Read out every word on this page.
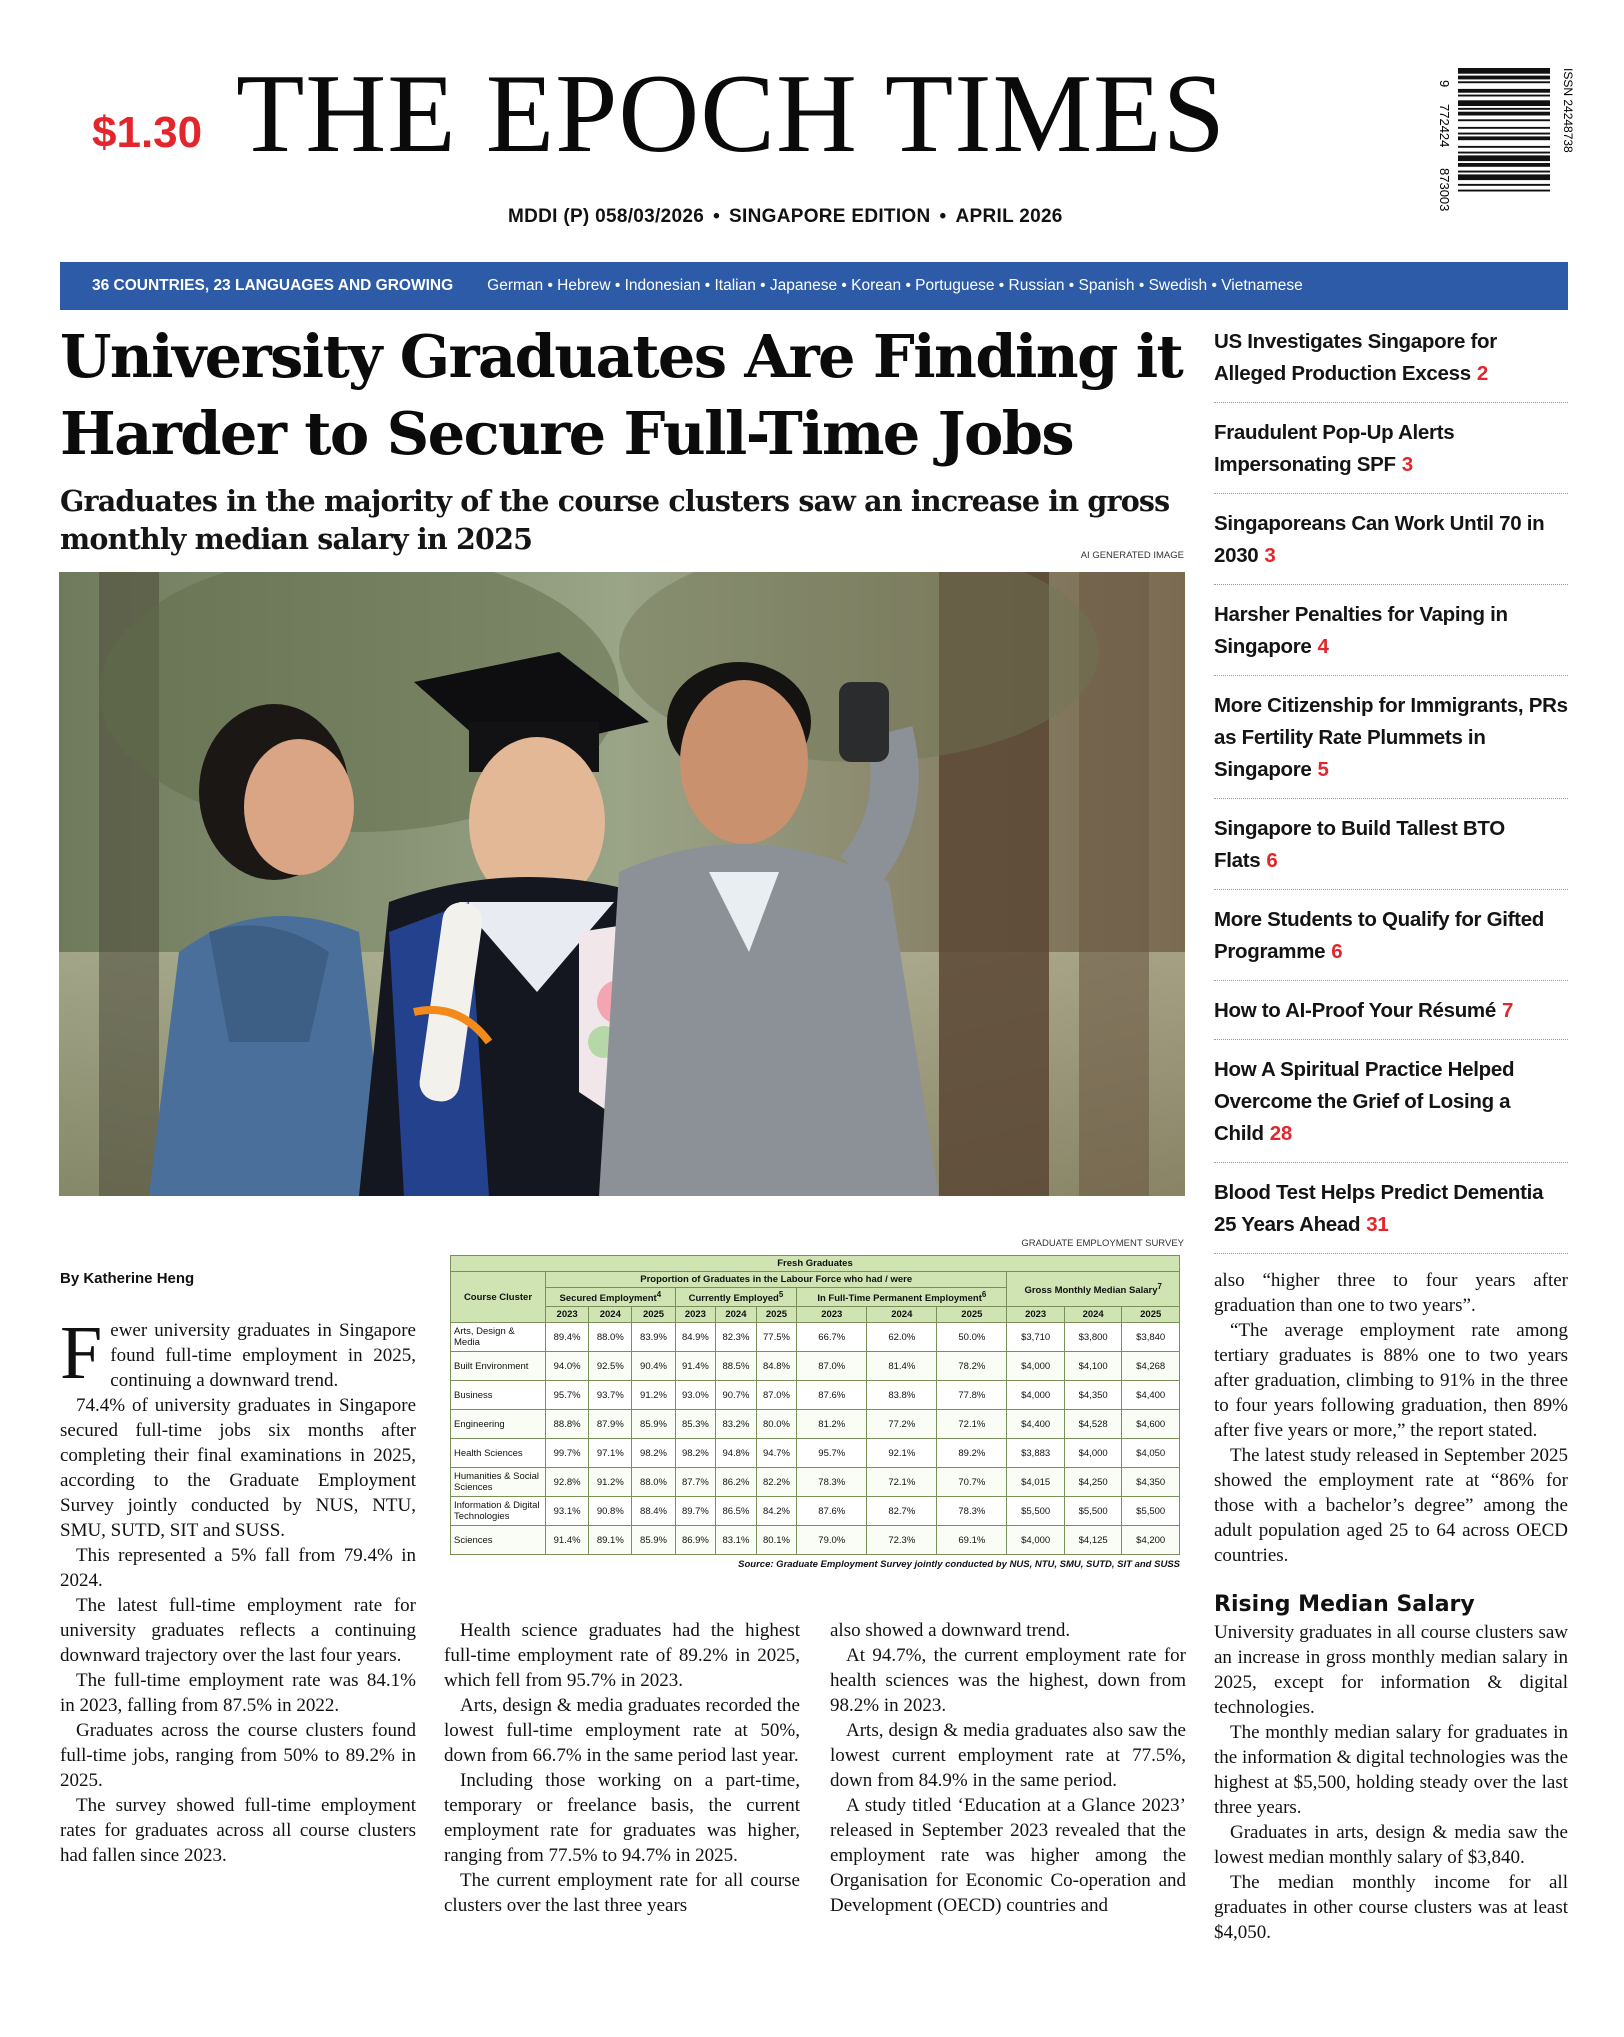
$1.30 THE EPOCH TIMES
MDDI (P) 058/03/2026 • SINGAPORE EDITION • APRIL 2026
9
772424
873003
ISSN 24248738
36 COUNTRIES, 23 LANGUAGES AND GROWING German • Hebrew • Indonesian • Italian • Japanese • Korean • Portuguese • Russian • Spanish • Swedish • Vietnamese
University Graduates Are Finding it Harder to Secure Full-Time Jobs
Graduates in the majority of the course clusters saw an increase in gross monthly median salary in 2025	AI GENERATED IMAGE
US Investigates Singapore for Alleged Production Excess 2
Fraudulent Pop-Up Alerts Impersonating SPF 3
Singaporeans Can Work Until 70 in 2030 3
Harsher Penalties for Vaping in Singapore 4
More Citizenship for Immigrants, PRs as Fertility Rate Plummets in Singapore 5
Singapore to Build Tallest BTO Flats 6
More Students to Qualify for Gifted Programme 6
How to AI-Proof Your Résumé 7
How A Spiritual Practice Helped Overcome the Grief of Losing a Child 28
Blood Test Helps Predict Dementia 25 Years Ahead 31
By Katherine Heng

Fewer university graduates in Singapore found full-time employment in 2025, continuing a downward trend.

74.4% of university graduates in Singapore secured full-time jobs six months after completing their final examinations in 2025, according to the Graduate Employment Survey jointly conducted by NUS, NTU, SMU, SUTD, SIT and SUSS.

This represented a 5% fall from 79.4% in 2024.

The latest full-time employment rate for university graduates reflects a continuing downward trajectory over the last four years.

The full-time employment rate was 84.1% in 2023, falling from 87.5% in 2022.

Graduates across the course clusters found full-time jobs, ranging from 50% to 89.2% in 2025.

The survey showed full-time employment rates for graduates across all course clusters had fallen since 2023.

GRADUATE EMPLOYMENT SURVEY
Fresh Graduates												
Course Cluster	Proportion of Graduates in the Labour Force who had / were									Gross Monthly Median Salary$^7$
	Secured Employment$^4$			Currently Employed$^5$			In Full-Time Permanent Employment$^6$
	2023	2024	2025	2023	2024	2025	2023	2024	2025	2023	2024	2025
Arts, Design & Media	89.4%	88.0%	83.9%	84.9%	82.3%	77.5%	66.7%	62.0%	50.0%	$3,710	$3,800	$3,840
Built Environment	94.0%	92.5%	90.4%	91.4%	88.5%	84.8%	87.0%	81.4%	78.2%	$4,000	$4,100	$4,268
Business	95.7%	93.7%	91.2%	93.0%	90.7%	87.0%	87.6%	83.8%	77.8%	$4,000	$4,350	$4,400
Engineering	88.8%	87.9%	85.9%	85.3%	83.2%	80.0%	81.2%	77.2%	72.1%	$4,400	$4,528	$4,600
Health Sciences	99.7%	97.1%	98.2%	98.2%	94.8%	94.7%	95.7%	92.1%	89.2%	$3,883	$4,000	$4,050
Humanities & Social Sciences	92.8%	91.2%	88.0%	87.7%	86.2%	82.2%	78.3%	72.1%	70.7%	$4,015	$4,250	$4,350
Information & Digital Technologies	93.1%	90.8%	88.4%	89.7%	86.5%	84.2%	87.6%	82.7%	78.3%	$5,500	$5,500	$5,500
Sciences	91.4%	89.1%	85.9%	86.9%	83.1%	80.1%	79.0%	72.3%	69.1%	$4,000	$4,125	$4,200
Source: Graduate Employment Survey jointly conducted by NUS, NTU, SMU, SUTD, SIT and SUSS

Health science graduates had the highest full-time employment rate of 89.2% in 2025, which fell from 95.7% in 2023.

Arts, design & media graduates recorded the lowest full-time employment rate at 50%, down from 66.7% in the same period last year.

Including those working on a part-time, temporary or freelance basis, the current employment rate for graduates was higher, ranging from 77.5% to 94.7% in 2025.

The current employment rate for all course clusters over the last three years

also showed a downward trend.

At 94.7%, the current employment rate for health sciences was the highest, down from 98.2% in 2023.

Arts, design & media graduates also saw the lowest current employment rate at 77.5%, down from 84.9% in the same period.

A study titled ‘Education at a Glance 2023’ released in September 2023 revealed that the employment rate was higher among the Organisation for Economic Co-operation and Development (OECD) countries and

also “higher three to four years after graduation than one to two years”.

“The average employment rate among tertiary graduates is 88% one to two years after graduation, climbing to 91% in the three to four years following graduation, then 89% after five years or more,” the report stated.

The latest study released in September 2025 showed the employment rate at “86% for those with a bachelor’s degree” among the adult population aged 25 to 64 across OECD countries.

Rising Median Salary

University graduates in all course clusters saw an increase in gross monthly median salary in 2025, except for information & digital technologies.

The monthly median salary for graduates in the information & digital technologies was the highest at $5,500, holding steady over the last three years.

Graduates in arts, design & media saw the lowest median monthly salary of $3,840.

The median monthly income for all graduates in other course clusters was at least $4,050.
